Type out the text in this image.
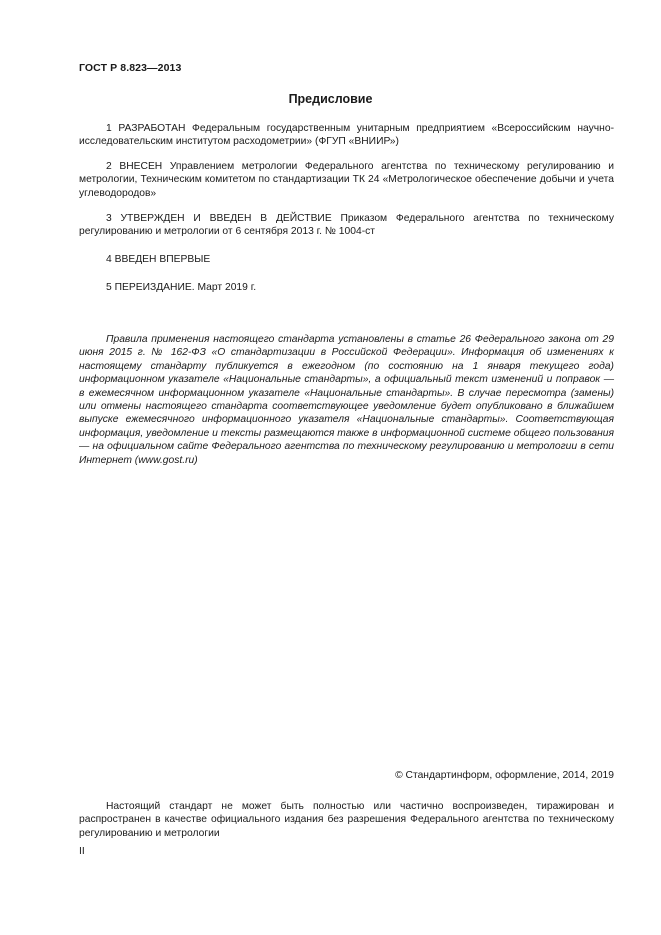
ГОСТ Р 8.823—2013
Предисловие

1 РАЗРАБОТАН Федеральным государственным унитарным предприятием «Всероссийским научно-исследовательским институтом расходометрии» (ФГУП «ВНИИР»)

2 ВНЕСЕН Управлением метрологии Федерального агентства по техническому регулированию и метрологии, Техническим комитетом по стандартизации ТК 24 «Метрологическое обеспечение добычи и учета углеводородов»

3 УТВЕРЖДЕН И ВВЕДЕН В ДЕЙСТВИЕ Приказом Федерального агентства по техническому регулированию и метрологии от 6 сентября 2013 г. № 1004-ст

4 ВВЕДЕН ВПЕРВЫЕ

5 ПЕРЕИЗДАНИЕ. Март 2019 г.

Правила применения настоящего стандарта установлены в статье 26 Федерального закона от 29 июня 2015 г. № 162-ФЗ «О стандартизации в Российской Федерации». Информация об изменениях к настоящему стандарту публикуется в ежегодном (по состоянию на 1 января текущего года) информационном указателе «Национальные стандарты», а официальный текст изменений и поправок — в ежемесячном информационном указателе «Национальные стандарты». В случае пересмотра (замены) или отмены настоящего стандарта соответствующее уведомление будет опубликовано в ближайшем выпуске ежемесячного информационного указателя «Национальные стандарты». Соответствующая информация, уведомление и тексты размещаются также в информационной системе общего пользования — на официальном сайте Федерального агентства по техническому регулированию и метрологии в сети Интернет (www.gost.ru)

© Стандартинформ, оформление, 2014, 2019

Настоящий стандарт не может быть полностью или частично воспроизведен, тиражирован и распространен в качестве официального издания без разрешения Федерального агентства по техническому регулированию и метрологии

II
